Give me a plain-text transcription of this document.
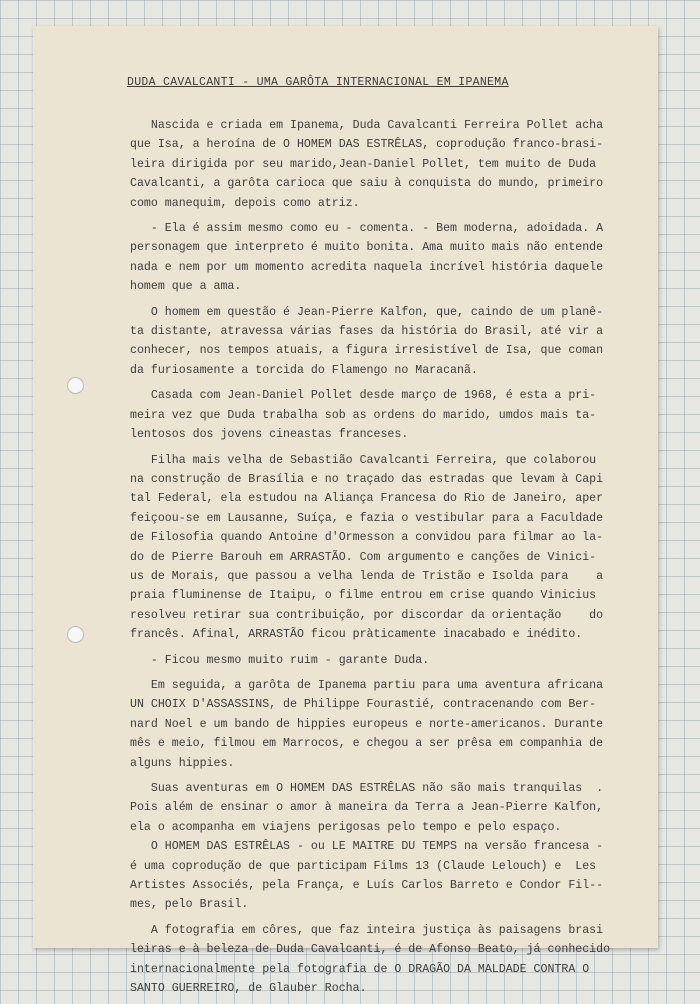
DUDA CAVALCANTI - UMA GARÔTA INTERNACIONAL EM IPANEMA
Nascida e criada em Ipanema, Duda Cavalcanti Ferreira Pollet acha
que Isa, a heroína de O HOMEM DAS ESTRÊLAS, coprodução franco-brasi-
leira dirigida por seu marido,Jean-Daniel Pollet, tem muito de Duda
Cavalcanti, a garôta carioca que saiu à conquista do mundo, primeiro
como manequim, depois como atriz.
- Ela é assim mesmo como eu - comenta. - Bem moderna, adoidada. A
personagem que interpreto é muito bonita. Ama muito mais não entende
nada e nem por um momento acredita naquela incrível história daquele
homem que a ama.
O homem em questão é Jean-Pierre Kalfon, que, caindo de um planê-
ta distante, atravessa várias fases da história do Brasil, até vir a
conhecer, nos tempos atuais, a figura irresistível de Isa, que coman
da furiosamente a torcida do Flamengo no Maracanã.
Casada com Jean-Daniel Pollet desde março de 1968, é esta a pri-
meira vez que Duda trabalha sob as ordens do marido, umdos mais ta-
lentosos dos jovens cineastas franceses.
Filha mais velha de Sebastião Cavalcanti Ferreira, que colaborou
na construção de Brasília e no traçado das estradas que levam à Capi
tal Federal, ela estudou na Aliança Francesa do Rio de Janeiro, aper
feiçoou-se em Lausanne, Suíça, e fazia o vestibular para a Faculdade
de Filosofia quando Antoine d'Ormesson a convidou para filmar ao la-
do de Pierre Barouh em ARRASTÃO. Com argumento e canções de Vinici-
us de Morais, que passou a velha lenda de Tristão e Isolda para    a
praia fluminense de Itaipu, o filme entrou em crise quando Vinicius
resolveu retirar sua contribuição, por discordar da orientação    do
francês. Afinal, ARRASTÃO ficou pràticamente inacabado e inédito.
- Ficou mesmo muito ruim - garante Duda.
Em seguida, a garôta de Ipanema partiu para uma aventura africana
UN CHOIX D'ASSASSINS, de Philippe Fourastié, contracenando com Ber-
nard Noel e um bando de hippies europeus e norte-americanos. Durante
mês e meio, filmou em Marrocos, e chegou a ser prêsa em companhia de
alguns hippies.
Suas aventuras em O HOMEM DAS ESTRÊLAS não são mais tranquilas  .
Pois além de ensinar o amor à maneira da Terra a Jean-Pierre Kalfon,
ela o acompanha em viajens perigosas pelo tempo e pelo espaço.
O HOMEM DAS ESTRÊLAS - ou LE MAITRE DU TEMPS na versão francesa -
é uma coprodução de que participam Films 13 (Claude Lelouch) e  Les
Artistes Associés, pela França, e Luís Carlos Barreto e Condor Fil--
mes, pelo Brasil.
A fotografia em côres, que faz inteira justiça às paisagens brasi
leiras e à beleza de Duda Cavalcanti, é de Afonso Beato, já conhecido
internacionalmente pela fotografia de O DRAGÃO DA MALDADE CONTRA O
SANTO GUERREIRO, de Glauber Rocha.
